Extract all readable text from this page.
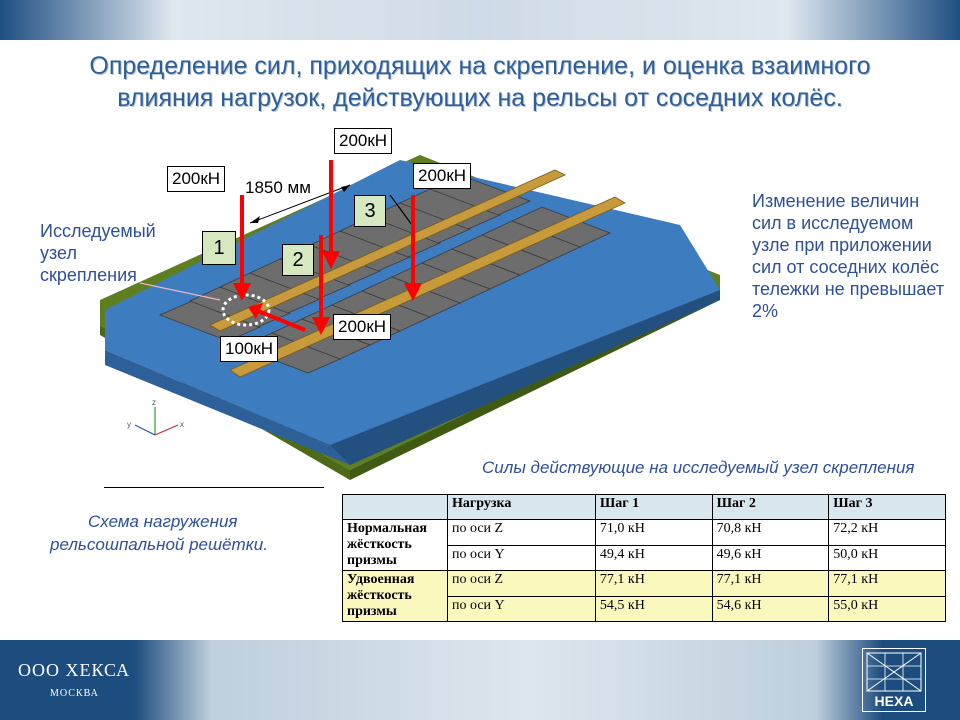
Определение сил, приходящих на скрепление, и оценка взаимного
влияния нагрузок, действующих на рельсы от соседних колёс.
z
x
y
200кН
200кН
200кН
200кН
100кН
1850 мм
1
2
3
Исследуемый узел скрепления
Изменение величин сил в исследуемом узле при приложении сил от соседних колёс тележки не превышает 2%
Силы действующие на исследуемый узел скрепления
Схема нагружения
рельсошпальной решётки.
	Нагрузка	Шаг 1	Шаг 2	Шаг 3
Нормальная жёсткость призмы	по оси Z	71,0 кН	70,8 кН	72,2 кН
	по оси Y	49,4 кН	49,6 кН	50,0 кН
Удвоенная жёсткость призмы	по оси Z	77,1 кН	77,1 кН	77,1 кН
	по оси Y	54,5 кН	54,6 кН	55,0 кН
ООО ХЕКСА
МОСКВА	HEXA
